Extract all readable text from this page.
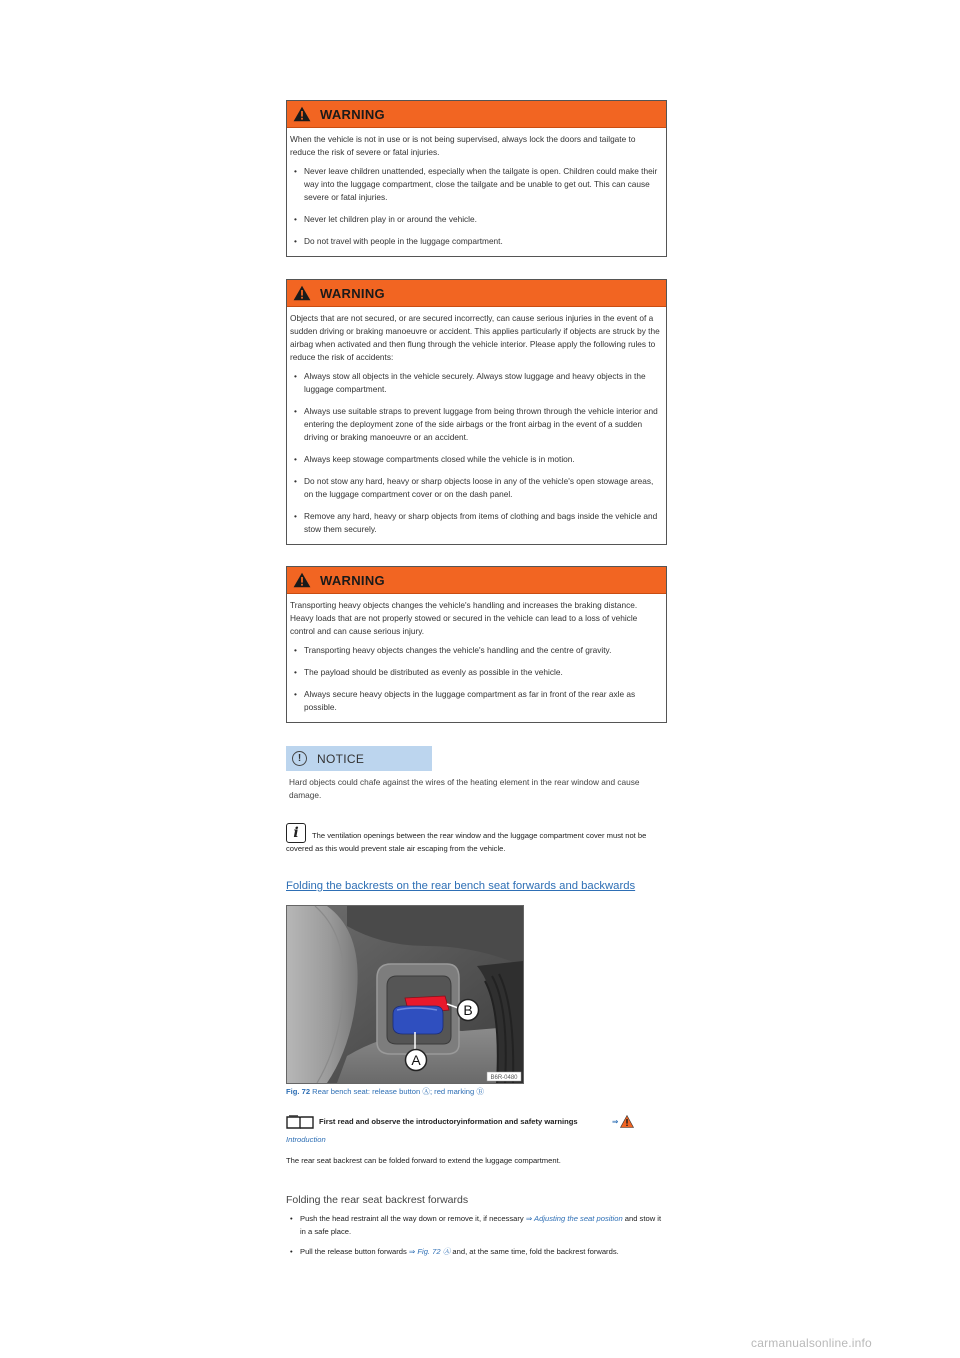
WARNING

When the vehicle is not in use or is not being supervised, always lock the doors and tailgate to reduce the risk of severe or fatal injuries.

• Never leave children unattended, especially when the tailgate is open. Children could make their way into the luggage compartment, close the tailgate and be unable to get out. This can cause severe or fatal injuries.
• Never let children play in or around the vehicle.
• Do not travel with people in the luggage compartment.
WARNING

Objects that are not secured, or are secured incorrectly, can cause serious injuries in the event of a sudden driving or braking manoeuvre or accident. This applies particularly if objects are struck by the airbag when activated and then flung through the vehicle interior. Please apply the following rules to reduce the risk of accidents:

• Always stow all objects in the vehicle securely. Always stow luggage and heavy objects in the luggage compartment.
• Always use suitable straps to prevent luggage from being thrown through the vehicle interior and entering the deployment zone of the side airbags or the front airbag in the event of a sudden driving or braking manoeuvre or an accident.
• Always keep stowage compartments closed while the vehicle is in motion.
• Do not stow any hard, heavy or sharp objects loose in any of the vehicle's open stowage areas, on the luggage compartment cover or on the dash panel.
• Remove any hard, heavy or sharp objects from items of clothing and bags inside the vehicle and stow them securely.
WARNING

Transporting heavy objects changes the vehicle's handling and increases the braking distance. Heavy loads that are not properly stowed or secured in the vehicle can lead to a loss of vehicle control and can cause serious injury.

• Transporting heavy objects changes the vehicle's handling and the centre of gravity.
• The payload should be distributed as evenly as possible in the vehicle.
• Always secure heavy objects in the luggage compartment as far in front of the rear axle as possible.
!	NOTICE

Hard objects could chafe against the wires of the heating element in the rear window and cause damage.

i	The ventilation openings between the rear window and the luggage compartment cover must not be covered as this would prevent stale air escaping from the vehicle.

Folding the backrests on the rear bench seat forwards and backwards

B
A
B6R-0480

Fig. 72 Rear bench seat: release button Ⓐ; red marking Ⓑ

First read and observe the introductoryinformation and safety warnings	⇒

Introduction

The rear seat backrest can be folded forward to extend the luggage compartment.

Folding the rear seat backrest forwards

• Push the head restraint all the way down or remove it, if necessary ⇒ Adjusting the seat position and stow it in a safe place.
• Pull the release button forwards ⇒ Fig. 72 Ⓐ and, at the same time, fold the backrest forwards.

carmanualsonline.info
